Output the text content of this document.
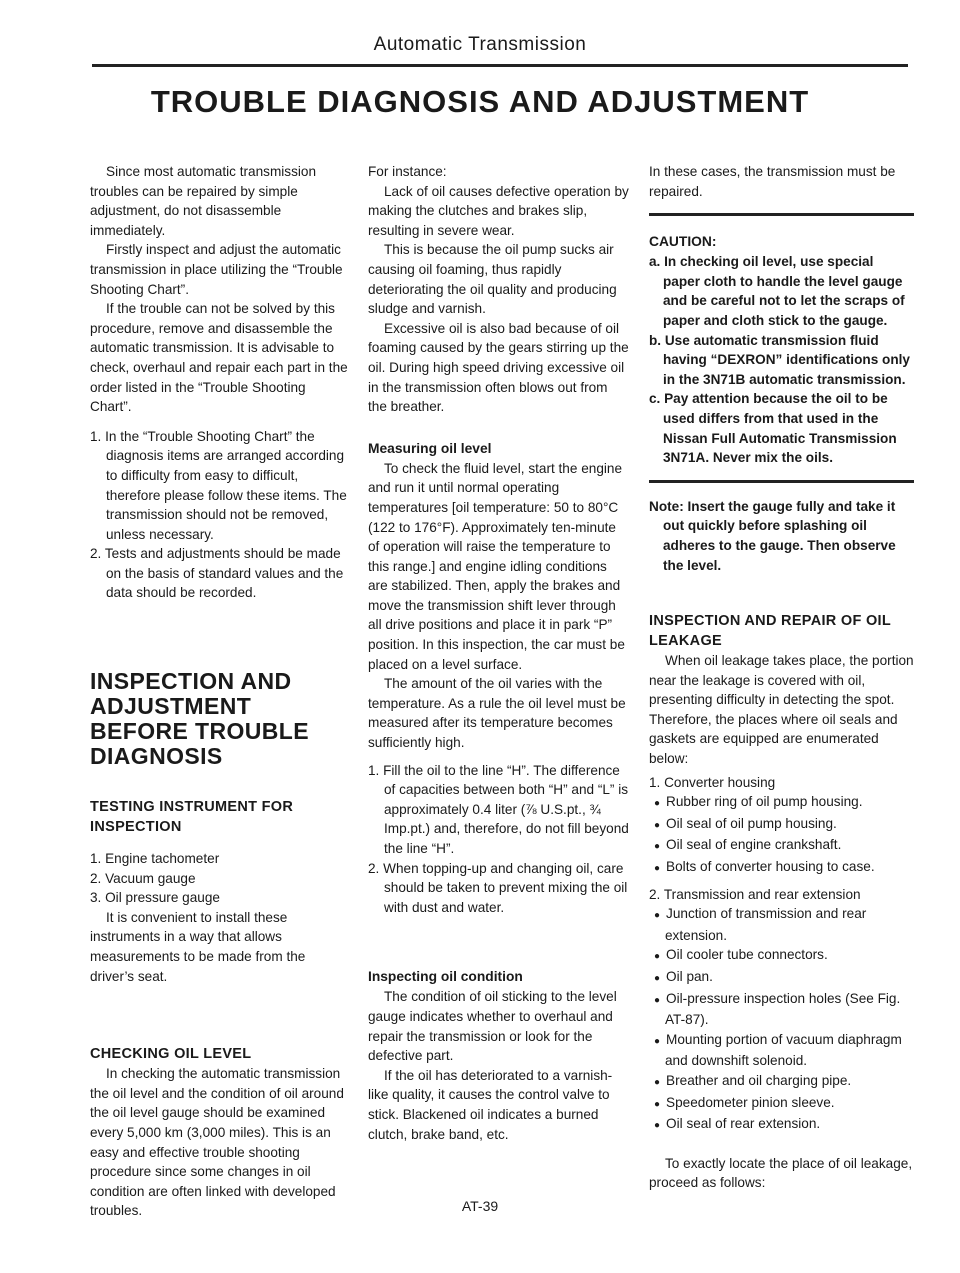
Automatic Transmission
TROUBLE DIAGNOSIS AND ADJUSTMENT

Since most automatic transmission troubles can be repaired by simple adjustment, do not disassemble immediately.

Firstly inspect and adjust the automatic transmission in place utilizing the “Trouble Shooting Chart”.

If the trouble can not be solved by this procedure, remove and disassemble the automatic transmission. It is advisable to check, overhaul and repair each part in the order listed in the “Trouble Shooting Chart”.

1. In the “Trouble Shooting Chart” the diagnosis items are arranged according to difficulty from easy to difficult, therefore please follow these items. The transmission should not be removed, unless necessary.

2. Tests and adjustments should be made on the basis of standard values and the data should be recorded.

INSPECTION AND ADJUSTMENT BEFORE TROUBLE DIAGNOSIS
TESTING INSTRUMENT FOR INSPECTION

1. Engine tachometer

2. Vacuum gauge

3. Oil pressure gauge

It is convenient to install these instruments in a way that allows measurements to be made from the driver’s seat.

CHECKING OIL LEVEL

In checking the automatic transmission the oil level and the condition of oil around the oil level gauge should be examined every 5,000 km (3,000 miles). This is an easy and effective trouble shooting procedure since some changes in oil condition are often linked with developed troubles.

For instance:

Lack of oil causes defective operation by making the clutches and brakes slip, resulting in severe wear.

This is because the oil pump sucks air causing oil foaming, thus rapidly deteriorating the oil quality and producing sludge and varnish.

Excessive oil is also bad because of oil foaming caused by the gears stirring up the oil. During high speed driving excessive oil in the transmission often blows out from the breather.

Measuring oil level

To check the fluid level, start the engine and run it until normal operating temperatures [oil temperature: 50 to 80°C (122 to 176°F). Approximately ten-minute of operation will raise the temperature to this range.] and engine idling conditions are stabilized. Then, apply the brakes and move the transmission shift lever through all drive positions and place it in park “P” position. In this inspection, the car must be placed on a level surface.

The amount of the oil varies with the temperature. As a rule the oil level must be measured after its temperature becomes sufficiently high.

1. Fill the oil to the line “H”. The difference of capacities between both “H” and “L” is approximately 0.4 liter (⅞ U.S.pt., ¾ Imp.pt.) and, therefore, do not fill beyond the line “H”.

2. When topping-up and changing oil, care should be taken to prevent mixing the oil with dust and water.

Inspecting oil condition

The condition of oil sticking to the level gauge indicates whether to overhaul and repair the transmission or look for the defective part.

If the oil has deteriorated to a varnish-like quality, it causes the control valve to stick. Blackened oil indicates a burned clutch, brake band, etc.

In these cases, the transmission must be repaired.

CAUTION:

a. In checking oil level, use special paper cloth to handle the level gauge and be careful not to let the scraps of paper and cloth stick to the gauge.

b. Use automatic transmission fluid having “DEXRON” identifications only in the 3N71B automatic transmission.

c. Pay attention because the oil to be used differs from that used in the Nissan Full Automatic Transmission 3N71A. Never mix the oils.

Note: Insert the gauge fully and take it out quickly before splashing oil adheres to the gauge. Then observe the level.

INSPECTION AND REPAIR OF OIL LEAKAGE

When oil leakage takes place, the portion near the leakage is covered with oil, presenting difficulty in detecting the spot. Therefore, the places where oil seals and gaskets are equipped are enumerated below:

1. Converter housing

● Rubber ring of oil pump housing.

● Oil seal of oil pump housing.

● Oil seal of engine crankshaft.

● Bolts of converter housing to case.

2. Transmission and rear extension

● Junction of transmission and rear extension.

● Oil cooler tube connectors.

● Oil pan.

● Oil-pressure inspection holes (See Fig. AT-87).

● Mounting portion of vacuum diaphragm and downshift solenoid.

● Breather and oil charging pipe.

● Speedometer pinion sleeve.

● Oil seal of rear extension.

To exactly locate the place of oil leakage, proceed as follows:

AT-39
